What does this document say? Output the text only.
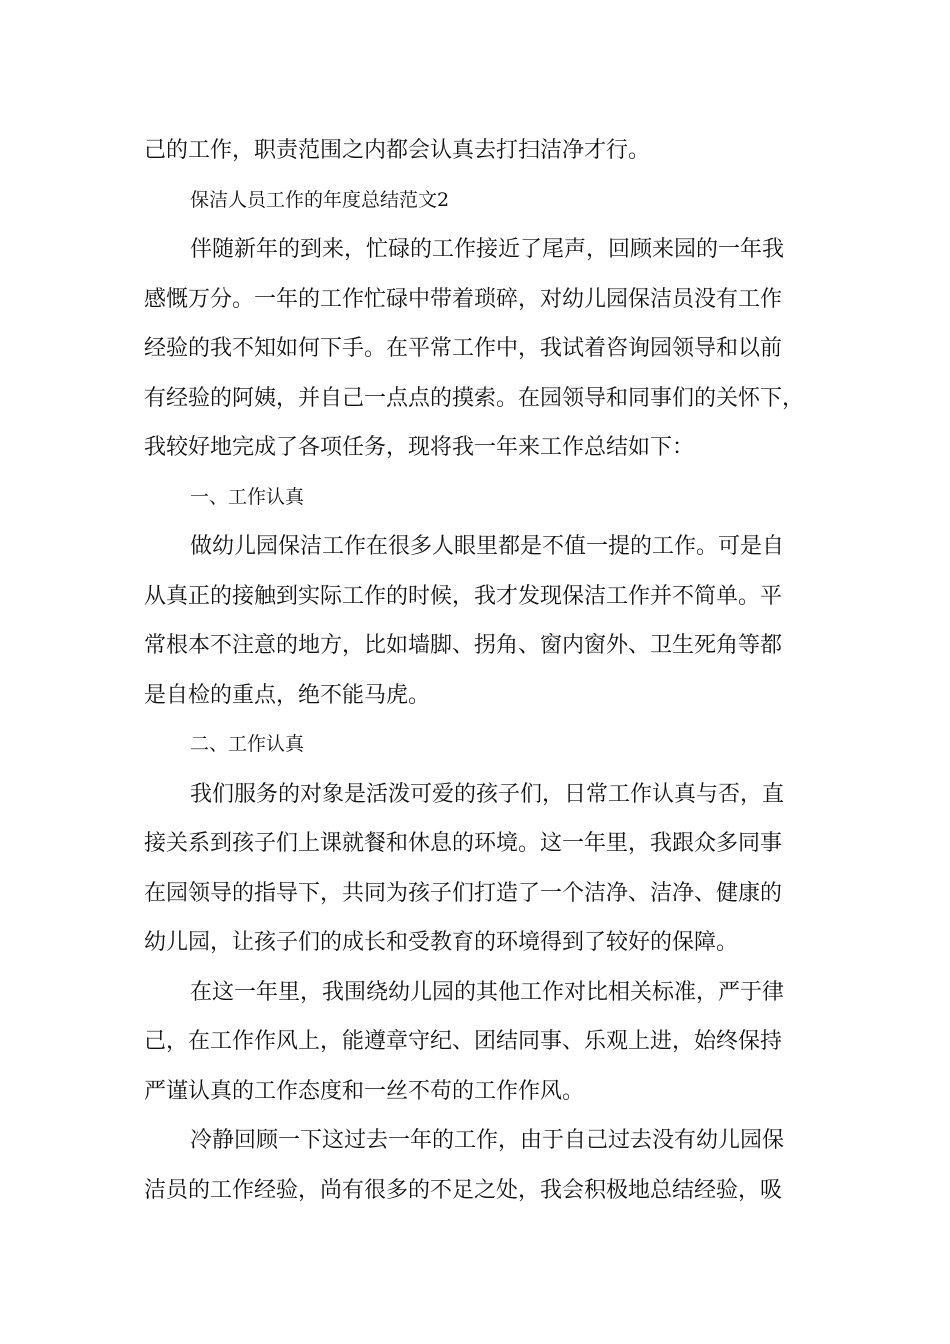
己的工作，职责范围之内都会认真去打扫洁净才行。
保洁人员工作的年度总结范文2
伴随新年的到来，忙碌的工作接近了尾声，回顾来园的一年我
感慨万分。一年的工作忙碌中带着琐碎，对幼儿园保洁员没有工作
经验的我不知如何下手。在平常工作中，我试着咨询园领导和以前
有经验的阿姨，并自己一点点的摸索。在园领导和同事们的关怀下，
我较好地完成了各项任务，现将我一年来工作总结如下：
一、工作认真
做幼儿园保洁工作在很多人眼里都是不值一提的工作。可是自
从真正的接触到实际工作的时候，我才发现保洁工作并不简单。平
常根本不注意的地方，比如墙脚、拐角、窗内窗外、卫生死角等都
是自检的重点，绝不能马虎。
二、工作认真
我们服务的对象是活泼可爱的孩子们，日常工作认真与否，直
接关系到孩子们上课就餐和休息的环境。这一年里，我跟众多同事
在园领导的指导下，共同为孩子们打造了一个洁净、洁净、健康的
幼儿园，让孩子们的成长和受教育的环境得到了较好的保障。
在这一年里，我围绕幼儿园的其他工作对比相关标准，严于律
己，在工作作风上，能遵章守纪、团结同事、乐观上进，始终保持
严谨认真的工作态度和一丝不苟的工作作风。
冷静回顾一下这过去一年的工作，由于自己过去没有幼儿园保
洁员的工作经验，尚有很多的不足之处，我会积极地总结经验，吸
